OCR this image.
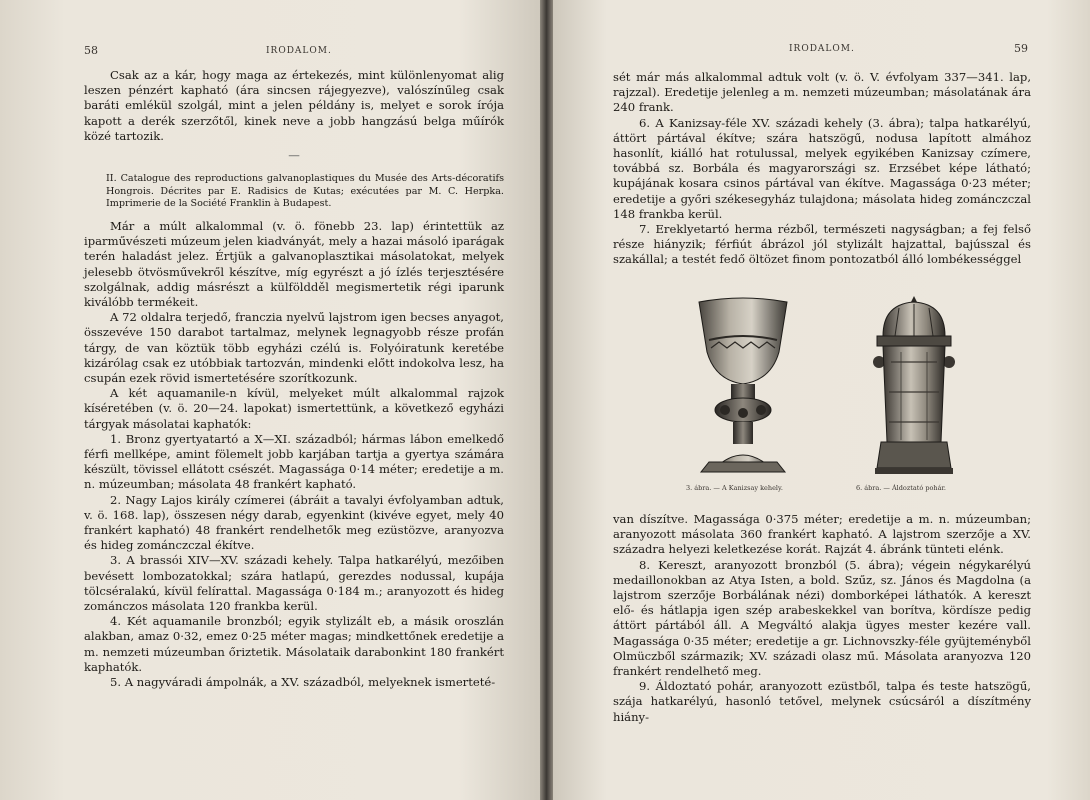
58	IRODALOM.

Csak az a kár, hogy maga az értekezés, mint különlenyomat alig leszen pénzért kapható (ára sincsen rájegyezve), valószínűleg csak baráti emlékül szolgál, mint a jelen példány is, melyet e sorok írója kapott a derék szerzőtől, kinek neve a jobb hangzású belga műírók közé tartozik.

—

II. Catalogue des reproductions galvanoplastiques du Musée des Arts-décoratifs Hongrois. Décrites par E. Radisics de Kutas; exécutées par M. C. Herpka. Imprimerie de la Société Franklin à Budapest.

Már a múlt alkalommal (v. ö. fönebb 23. lap) érintettük az iparművészeti múzeum jelen kiadványát, mely a hazai másoló iparágak terén haladást jelez. Értjük a galvanoplasztikai másolatokat, melyek jelesebb ötvösművekről készítve, míg egyrészt a jó ízlés terjesztésére szolgálnak, addig másrészt a külföldděl megismertetik régi iparunk kiválóbb termékeit.

A 72 oldalra terjedő, franczia nyelvű lajstrom igen becses anyagot, összevéve 150 darabot tartalmaz, melynek legnagyobb része profán tárgy, de van köztük több egyházi czélú is. Folyóiratunk keretébe kizárólag csak ez utóbbiak tartozván, mindenki előtt indokolva lesz, ha csupán ezek rövid ismertetésére szorítkozunk.

A két aquamanile-n kívül, melyeket múlt alkalommal rajzok kíséretében (v. ö. 20—24. lapokat) ismertettünk, a következő egyházi tárgyak másolatai kaphatók:

1. Bronz gyertyatartó a X—XI. századból; hármas lábon emelkedő férfi mellképe, amint fölemelt jobb karjában tartja a gyertya számára készült, tövissel ellátott csészét. Magassága 0·14 méter; eredetije a m. n. múzeumban; másolata 48 frankért kapható.

2. Nagy Lajos király czímerei (ábráit a tavalyi évfolyamban adtuk, v. ö. 168. lap), összesen négy darab, egyenkint (kivéve egyet, mely 40 frankért kapható) 48 frankért rendelhetők meg ezüstözve, aranyozva és hideg zománczczal ékítve.

3. A brassói XIV—XV. századi kehely. Talpa hatkarélyú, mezőiben bevésett lombozatokkal; szára hatlapú, gerezdes nodussal, kupája tölcséralakú, kívül felírattal. Magassága 0·184 m.; aranyozott és hideg zománczos másolata 120 frankba kerül.

4. Két aquamanile bronzból; egyik stylizált eb, a másik oroszlán alakban, amaz 0·32, emez 0·25 méter magas; mindkettőnek eredetije a m. nemzeti múzeumban őriztetik. Másolataik darabonkint 180 frankért kaphatók.

5. A nagyváradi ámpolnák, a XV. századból, melyeknek ismerteté-

IRODALOM.	59

sét már más alkalommal adtuk volt (v. ö. V. évfolyam 337—341. lap, rajzzal). Eredetije jelenleg a m. nemzeti múzeumban; másolatának ára 240 frank.

6. A Kanizsay-féle XV. századi kehely (3. ábra); talpa hatkarélyú, áttört pártával ékítve; szára hatszögű, nodusa lapított almához hasonlít, kiálló hat rotulussal, melyek egyikében Kanizsay czímere, továbbá sz. Borbála és magyarországi sz. Erzsébet képe látható; kupájának kosara csinos pártával van ékítve. Magassága 0·23 méter; eredetije a győri székesegyház tulajdona; másolata hideg zománczczal 148 frankba kerül.

7. Ereklyetartó herma rézből, természeti nagyságban; a fej felső része hiányzik; férfiút ábrázol jól stylizált hajzattal, bajússzal és szakállal; a testét fedő öltözet finom pontozatból álló lombékességgel

3. ábra. — A Kanizsay kehely.	6. ábra. — Áldoztató pohár.

van díszítve. Magassága 0·375 méter; eredetije a m. n. múzeumban; aranyozott másolata 360 frankért kapható. A lajstrom szerzője a XV. századra helyezi keletkezése korát. Rajzát 4. ábránk tünteti elénk.

8. Kereszt, aranyozott bronzból (5. ábra); végein négykarélyú medaillonokban az Atya Isten, a bold. Szűz, sz. János és Magdolna (a lajstrom szerzője Borbálának nézi) domborképei láthatók. A kereszt elő- és hátlapja igen szép arabeskekkel van borítva, kördísze pedig áttört pártából áll. A Megváltó alakja ügyes mester kezére vall. Magassága 0·35 méter; eredetije a gr. Lichnovszky-féle gyüjteményből Olmüczből származik; XV. századi olasz mű. Másolata aranyozva 120 frankért rendelhető meg.

9. Áldoztató pohár, aranyozott ezüstből, talpa és teste hatszögű, szája hatkarélyú, hasonló tetővel, melynek csúcsáról a díszítmény hiány-
